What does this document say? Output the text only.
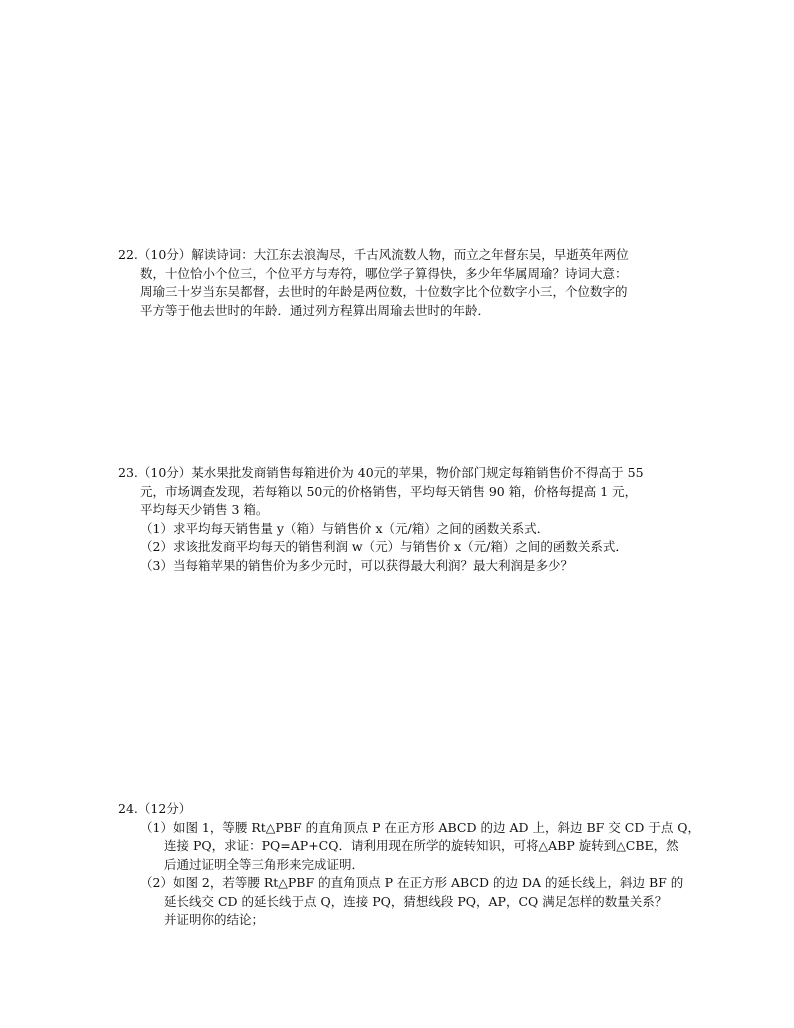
22.（10分）解读诗词：大江东去浪淘尽，千古风流数人物，而立之年督东吴，早逝英年两位
数，十位恰小个位三，个位平方与寿符，哪位学子算得快，多少年华属周瑜？诗词大意：
周瑜三十岁当东吴都督，去世时的年龄是两位数，十位数字比个位数字小三，个位数字的
平方等于他去世时的年龄．通过列方程算出周瑜去世时的年龄．
23.（10分）某水果批发商销售每箱进价为 40元的苹果，物价部门规定每箱销售价不得高于 55
元，市场调查发现，若每箱以 50元的价格销售，平均每天销售 90 箱，价格每提高 1 元，
平均每天少销售 3 箱。
（1）求平均每天销售量 y（箱）与销售价 x（元/箱）之间的函数关系式．
（2）求该批发商平均每天的销售利润 w（元）与销售价 x（元/箱）之间的函数关系式．
（3）当每箱苹果的销售价为多少元时，可以获得最大利润？最大利润是多少？
24.（12分）
（1）如图 1，等腰 Rt△PBF 的直角顶点 P 在正方形 ABCD 的边 AD 上，斜边 BF 交 CD 于点 Q，
连接 PQ，求证：PQ=AP+CQ．请利用现在所学的旋转知识，可将△ABP 旋转到△CBE，然
后通过证明全等三角形来完成证明．
（2）如图 2，若等腰 Rt△PBF 的直角顶点 P 在正方形 ABCD 的边 DA 的延长线上，斜边 BF 的
延长线交 CD 的延长线于点 Q，连接 PQ，猜想线段 PQ，AP，CQ 满足怎样的数量关系？
并证明你的结论；
